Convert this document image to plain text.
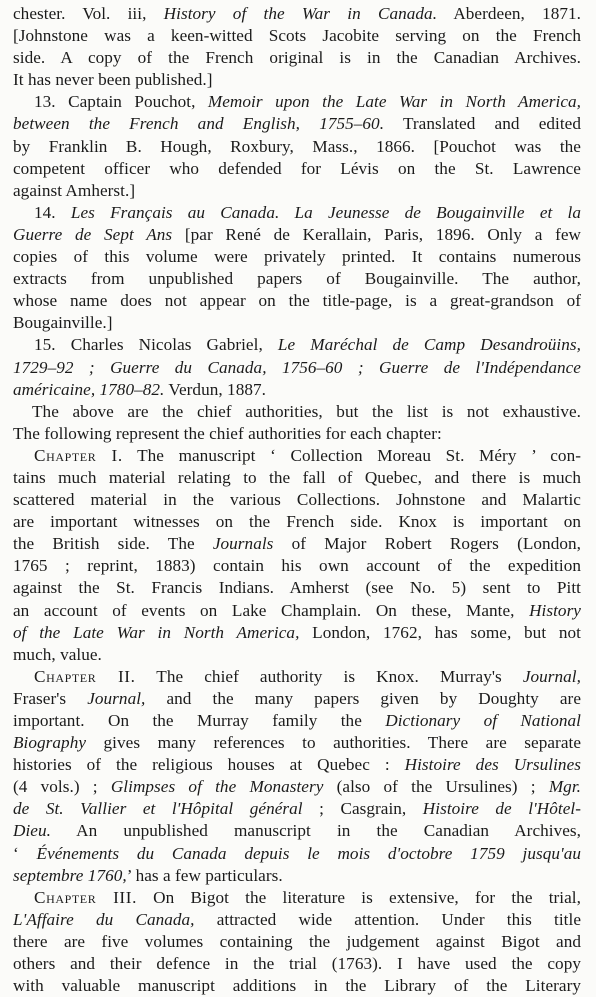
chester. Vol. iii, History of the War in Canada. Aberdeen, 1871.
[Johnstone was a keen-witted Scots Jacobite serving on the French
side. A copy of the French original is in the Canadian Archives.
It has never been published.]
13. Captain Pouchot, Memoir upon the Late War in North America,
between the French and English, 1755–60. Translated and edited
by Franklin B. Hough, Roxbury, Mass., 1866. [Pouchot was the
competent officer who defended for Lévis on the St. Lawrence
against Amherst.]
14. Les Français au Canada. La Jeunesse de Bougainville et la
Guerre de Sept Ans [par René de Kerallain, Paris, 1896. Only a few
copies of this volume were privately printed. It contains numerous
extracts from unpublished papers of Bougainville. The author,
whose name does not appear on the title-page, is a great-grandson of
Bougainville.]
15. Charles Nicolas Gabriel, Le Maréchal de Camp Desandroüins,
1729–92 ; Guerre du Canada, 1756–60 ; Guerre de l'Indépendance
américaine, 1780–82. Verdun, 1887.
The above are the chief authorities, but the list is not exhaustive.
The following represent the chief authorities for each chapter:
Chapter I. The manuscript ‘ Collection Moreau St. Méry ’ con-
tains much material relating to the fall of Quebec, and there is much
scattered material in the various Collections. Johnstone and Malartic
are important witnesses on the French side. Knox is important on
the British side. The Journals of Major Robert Rogers (London,
1765 ; reprint, 1883) contain his own account of the expedition
against the St. Francis Indians. Amherst (see No. 5) sent to Pitt
an account of events on Lake Champlain. On these, Mante, History
of the Late War in North America, London, 1762, has some, but not
much, value.
Chapter II. The chief authority is Knox. Murray's Journal,
Fraser's Journal, and the many papers given by Doughty are
important. On the Murray family the Dictionary of National
Biography gives many references to authorities. There are separate
histories of the religious houses at Quebec : Histoire des Ursulines
(4 vols.) ; Glimpses of the Monastery (also of the Ursulines) ; Mgr.
de St. Vallier et l'Hôpital général ; Casgrain, Histoire de l'Hôtel-
Dieu. An unpublished manuscript in the Canadian Archives,
‘ Événements du Canada depuis le mois d'octobre 1759 jusqu'au
septembre 1760,’ has a few particulars.
Chapter III. On Bigot the literature is extensive, for the trial,
L'Affaire du Canada, attracted wide attention. Under this title
there are five volumes containing the judgement against Bigot and
others and their defence in the trial (1763). I have used the copy
with valuable manuscript additions in the Library of the Literary
